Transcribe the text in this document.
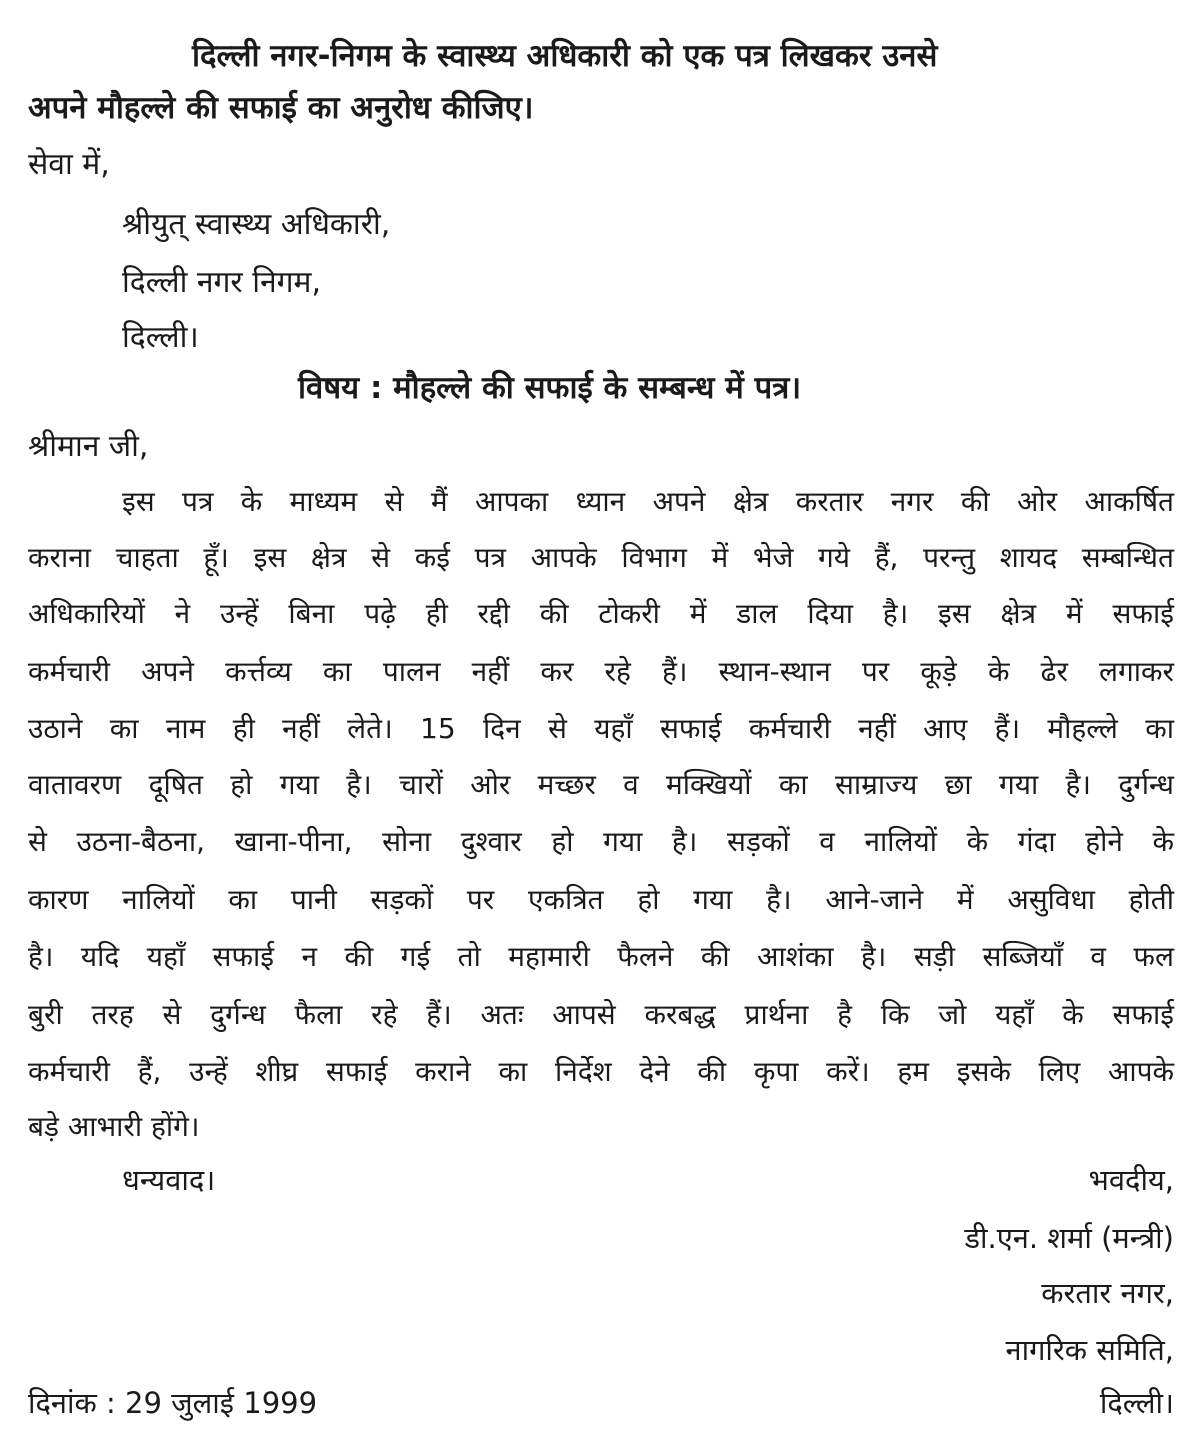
दिल्ली नगर-निगम के स्वास्थ्य अधिकारी को एक पत्र लिखकर उनसे
अपने मौहल्ले की सफाई का अनुरोध कीजिए।
सेवा में,
श्रीयुत् स्वास्थ्य अधिकारी,
दिल्ली नगर निगम,
दिल्ली।
विषय : मौहल्ले की सफाई के सम्बन्ध में पत्र।
श्रीमान जी,
इस पत्र के माध्यम से मैं आपका ध्यान अपने क्षेत्र करतार नगर की ओर आकर्षित
कराना चाहता हूँ। इस क्षेत्र से कई पत्र आपके विभाग में भेजे गये हैं, परन्तु शायद सम्बन्धित
अधिकारियों ने उन्हें बिना पढ़े ही रद्दी की टोकरी में डाल दिया है। इस क्षेत्र में सफाई
कर्मचारी अपने कर्त्तव्य का पालन नहीं कर रहे हैं। स्थान-स्थान पर कूड़े के ढेर लगाकर
उठाने का नाम ही नहीं लेते। 15 दिन से यहाँ सफाई कर्मचारी नहीं आए हैं। मौहल्ले का
वातावरण दूषित हो गया है। चारों ओर मच्छर व मक्खियों का साम्राज्य छा गया है। दुर्गन्ध
से उठना-बैठना, खाना-पीना, सोना दुश्वार हो गया है। सड़कों व नालियों के गंदा होने के
कारण नालियों का पानी सड़कों पर एकत्रित हो गया है। आने-जाने में असुविधा होती
है। यदि यहाँ सफाई न की गई तो महामारी फैलने की आशंका है। सड़ी सब्जियाँ व फल
बुरी तरह से दुर्गन्ध फैला रहे हैं। अतः आपसे करबद्ध प्रार्थना है कि जो यहाँ के सफाई
कर्मचारी हैं, उन्हें शीघ्र सफाई कराने का निर्देश देने की कृपा करें। हम इसके लिए आपके
बड़े आभारी होंगे।
धन्यवाद।	भवदीय,
डी.एन. शर्मा (मन्त्री)
करतार नगर,
नागरिक समिति,
दिल्ली।
दिनांक : 29 जुलाई 1999
